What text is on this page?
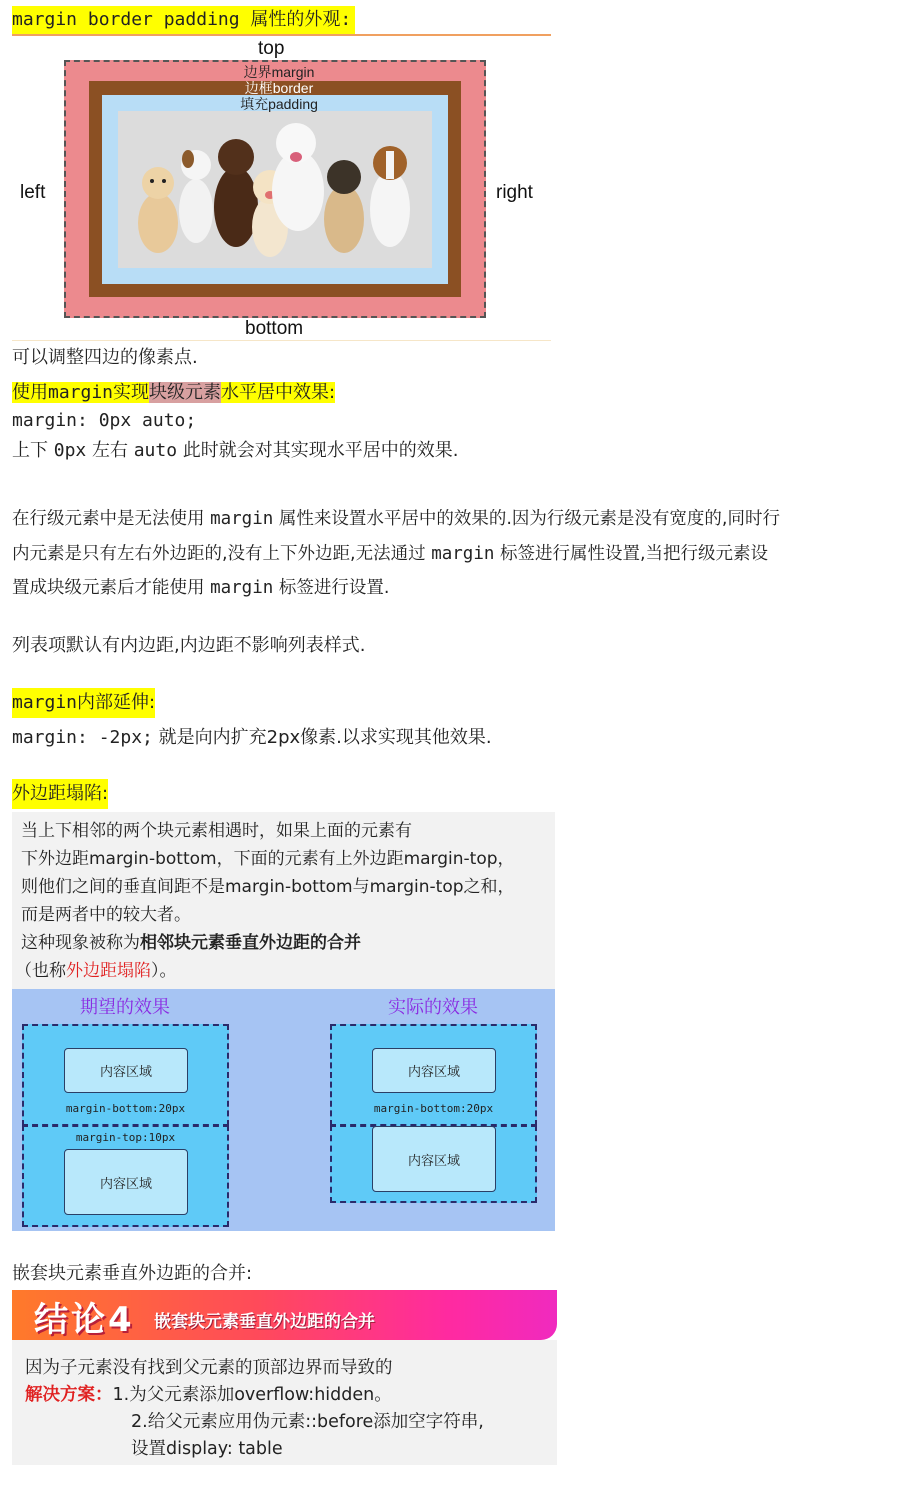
margin border padding 属性的外观:
top
left	right
bottom
边界margin
边框border
填充padding
可以调整四边的像素点.
使用margin实现块级元素水平居中效果:
margin: 0px auto;
上下 0px 左右 auto 此时就会对其实现水平居中的效果.
在行级元素中是无法使用 margin 属性来设置水平居中的效果的.因为行级元素是没有宽度的,同时行
内元素是只有左右外边距的,没有上下外边距,无法通过 margin 标签进行属性设置,当把行级元素设
置成块级元素后才能使用 margin 标签进行设置.
列表项默认有内边距,内边距不影响列表样式.
margin内部延伸:
margin: -2px; 就是向内扩充2px像素.以求实现其他效果.
外边距塌陷:
当上下相邻的两个块元素相遇时，如果上面的元素有
下外边距margin-bottom，下面的元素有上外边距margin-top，
则他们之间的垂直间距不是margin-bottom与margin-top之和，
而是两者中的较大者。
这种现象被称为相邻块元素垂直外边距的合并
（也称外边距塌陷）。
期望的效果	实际的效果
内容区域
margin-bottom:20px
margin-top:10px
内容区域
内容区域
margin-bottom:20px
内容区域
嵌套块元素垂直外边距的合并:
结论4 嵌套块元素垂直外边距的合并
因为子元素没有找到父元素的顶部边界而导致的
解决方案：1.为父元素添加overflow:hidden。
2.给父元素应用伪元素::before添加空字符串,
设置display: table
